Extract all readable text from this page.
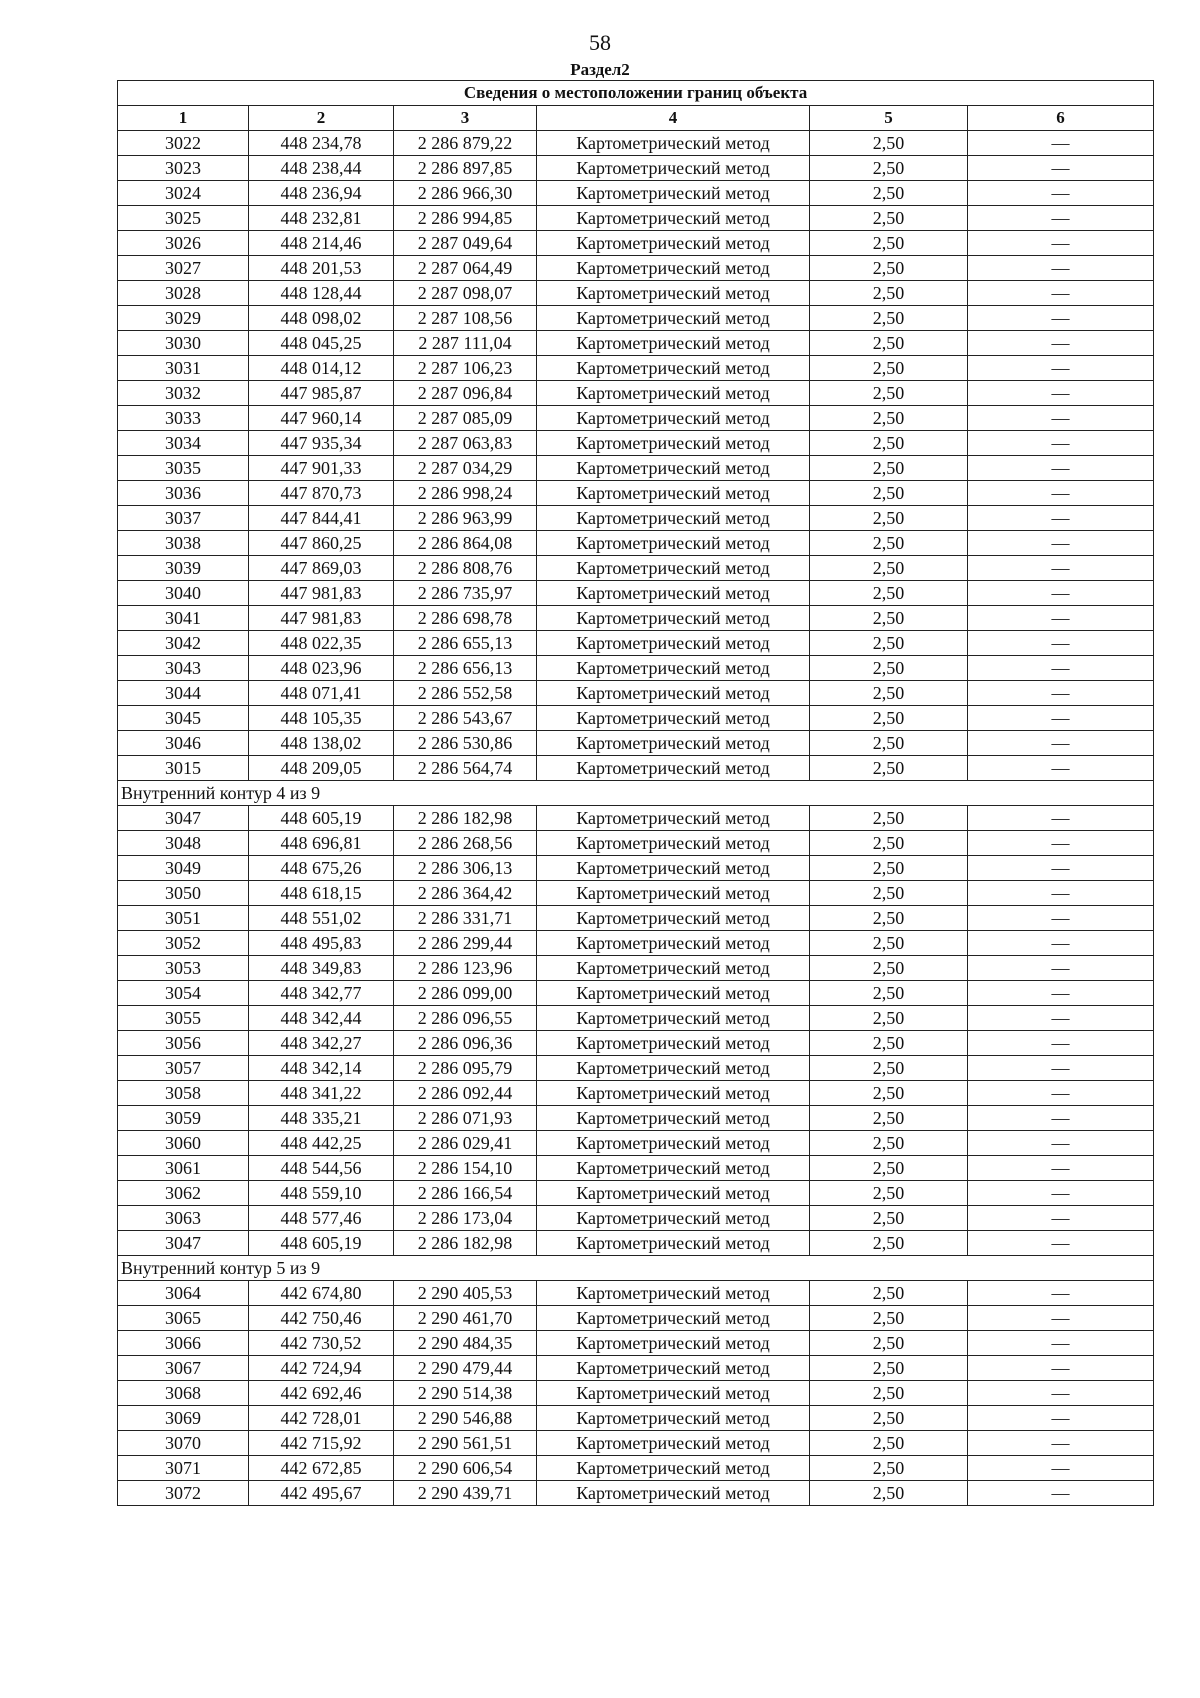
58
Раздел2
Сведения о местоположении границ объекта					
1	2	3	4	5	6
3022	448 234,78	2 286 879,22	Картометрический метод	2,50	—
3023	448 238,44	2 286 897,85	Картометрический метод	2,50	—
3024	448 236,94	2 286 966,30	Картометрический метод	2,50	—
3025	448 232,81	2 286 994,85	Картометрический метод	2,50	—
3026	448 214,46	2 287 049,64	Картометрический метод	2,50	—
3027	448 201,53	2 287 064,49	Картометрический метод	2,50	—
3028	448 128,44	2 287 098,07	Картометрический метод	2,50	—
3029	448 098,02	2 287 108,56	Картометрический метод	2,50	—
3030	448 045,25	2 287 111,04	Картометрический метод	2,50	—
3031	448 014,12	2 287 106,23	Картометрический метод	2,50	—
3032	447 985,87	2 287 096,84	Картометрический метод	2,50	—
3033	447 960,14	2 287 085,09	Картометрический метод	2,50	—
3034	447 935,34	2 287 063,83	Картометрический метод	2,50	—
3035	447 901,33	2 287 034,29	Картометрический метод	2,50	—
3036	447 870,73	2 286 998,24	Картометрический метод	2,50	—
3037	447 844,41	2 286 963,99	Картометрический метод	2,50	—
3038	447 860,25	2 286 864,08	Картометрический метод	2,50	—
3039	447 869,03	2 286 808,76	Картометрический метод	2,50	—
3040	447 981,83	2 286 735,97	Картометрический метод	2,50	—
3041	447 981,83	2 286 698,78	Картометрический метод	2,50	—
3042	448 022,35	2 286 655,13	Картометрический метод	2,50	—
3043	448 023,96	2 286 656,13	Картометрический метод	2,50	—
3044	448 071,41	2 286 552,58	Картометрический метод	2,50	—
3045	448 105,35	2 286 543,67	Картометрический метод	2,50	—
3046	448 138,02	2 286 530,86	Картометрический метод	2,50	—
3015	448 209,05	2 286 564,74	Картометрический метод	2,50	—
Внутренний контур 4 из 9					
3047	448 605,19	2 286 182,98	Картометрический метод	2,50	—
3048	448 696,81	2 286 268,56	Картометрический метод	2,50	—
3049	448 675,26	2 286 306,13	Картометрический метод	2,50	—
3050	448 618,15	2 286 364,42	Картометрический метод	2,50	—
3051	448 551,02	2 286 331,71	Картометрический метод	2,50	—
3052	448 495,83	2 286 299,44	Картометрический метод	2,50	—
3053	448 349,83	2 286 123,96	Картометрический метод	2,50	—
3054	448 342,77	2 286 099,00	Картометрический метод	2,50	—
3055	448 342,44	2 286 096,55	Картометрический метод	2,50	—
3056	448 342,27	2 286 096,36	Картометрический метод	2,50	—
3057	448 342,14	2 286 095,79	Картометрический метод	2,50	—
3058	448 341,22	2 286 092,44	Картометрический метод	2,50	—
3059	448 335,21	2 286 071,93	Картометрический метод	2,50	—
3060	448 442,25	2 286 029,41	Картометрический метод	2,50	—
3061	448 544,56	2 286 154,10	Картометрический метод	2,50	—
3062	448 559,10	2 286 166,54	Картометрический метод	2,50	—
3063	448 577,46	2 286 173,04	Картометрический метод	2,50	—
3047	448 605,19	2 286 182,98	Картометрический метод	2,50	—
Внутренний контур 5 из 9					
3064	442 674,80	2 290 405,53	Картометрический метод	2,50	—
3065	442 750,46	2 290 461,70	Картометрический метод	2,50	—
3066	442 730,52	2 290 484,35	Картометрический метод	2,50	—
3067	442 724,94	2 290 479,44	Картометрический метод	2,50	—
3068	442 692,46	2 290 514,38	Картометрический метод	2,50	—
3069	442 728,01	2 290 546,88	Картометрический метод	2,50	—
3070	442 715,92	2 290 561,51	Картометрический метод	2,50	—
3071	442 672,85	2 290 606,54	Картометрический метод	2,50	—
3072	442 495,67	2 290 439,71	Картометрический метод	2,50	—
